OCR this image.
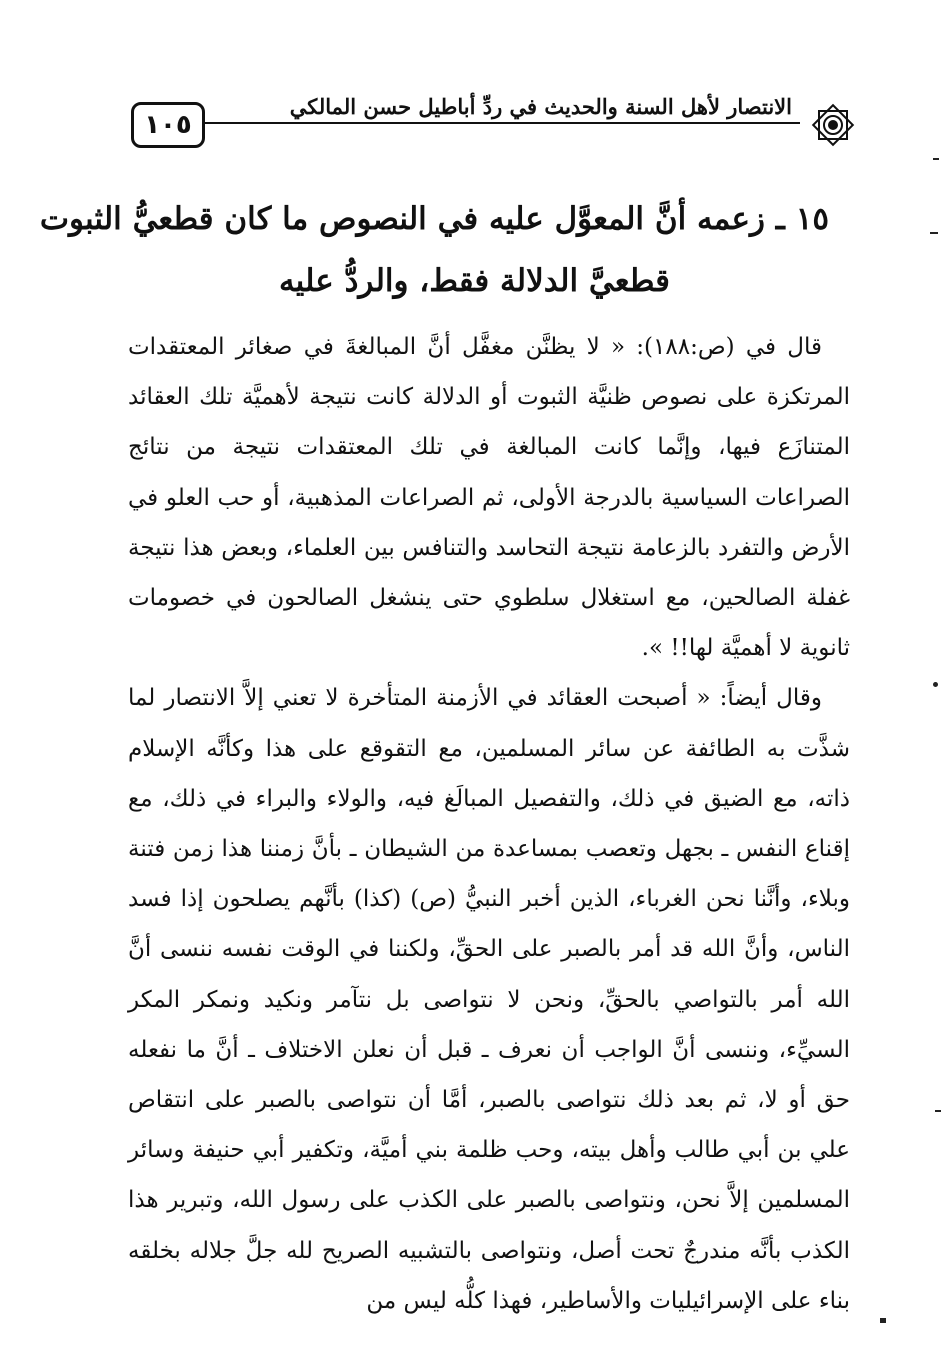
١٠٥
الانتصار لأهل السنة والحديث في ردِّ أباطيل حسن المالكي
١٥ ـ زعمه أنَّ المعوَّل عليه في النصوص ما كان قطعيُّ الثبوت
قطعيَّ الدلالة فقط، والردُّ عليه

قال في (ص:١٨٨): « لا يظنَّن مغفَّل أنَّ المبالغةَ في صغائر المعتقدات المرتكزة على نصوص ظنيَّة الثبوت أو الدلالة كانت نتيجة لأهميَّة تلك العقائد المتنازَع فيها، وإنَّما كانت المبالغة في تلك المعتقدات نتيجة من نتائج الصراعات السياسية بالدرجة الأولى، ثم الصراعات المذهبية، أو حب العلو في الأرض والتفرد بالزعامة نتيجة التحاسد والتنافس بين العلماء، وبعض هذا نتيجة غفلة الصالحين، مع استغلال سلطوي حتى ينشغل الصالحون في خصومات ثانوية لا أهميَّة لها!! ».

وقال أيضاً: « أصبحت العقائد في الأزمنة المتأخرة لا تعني إلاَّ الانتصار لما شذَّت به الطائفة عن سائر المسلمين، مع التقوقع على هذا وكأنَّه الإسلام ذاته، مع الضيق في ذلك، والتفصيل المبالَغ فيه، والولاء والبراء في ذلك، مع إقناع النفس ـ بجهل وتعصب بمساعدة من الشيطان ـ بأنَّ زمننا هذا زمن فتنة وبلاء، وأنَّنا نحن الغرباء، الذين أخبر النبيُّ (ص) (كذا) بأنَّهم يصلحون إذا فسد الناس، وأنَّ الله قد أمر بالصبر على الحقِّ، ولكننا في الوقت نفسه ننسى أنَّ الله أمر بالتواصي بالحقِّ، ونحن لا نتواصى بل نتآمر ونكيد ونمكر المكر السيِّء، وننسى أنَّ الواجب أن نعرف ـ قبل أن نعلن الاختلاف ـ أنَّ ما نفعله حق أو لا، ثم بعد ذلك نتواصى بالصبر، أمَّا أن نتواصى بالصبر على انتقاص علي بن أبي طالب وأهل بيته، وحب ظلمة بني أميَّة، وتكفير أبي حنيفة وسائر المسلمين إلاَّ نحن، ونتواصى بالصبر على الكذب على رسول الله، وتبرير هذا الكذب بأنَّه مندرجٌ تحت أصل، ونتواصى بالتشبيه الصريح لله جلَّ جلاله بخلقه بناء على الإسرائيليات والأساطير، فهذا كلُّه ليس من
